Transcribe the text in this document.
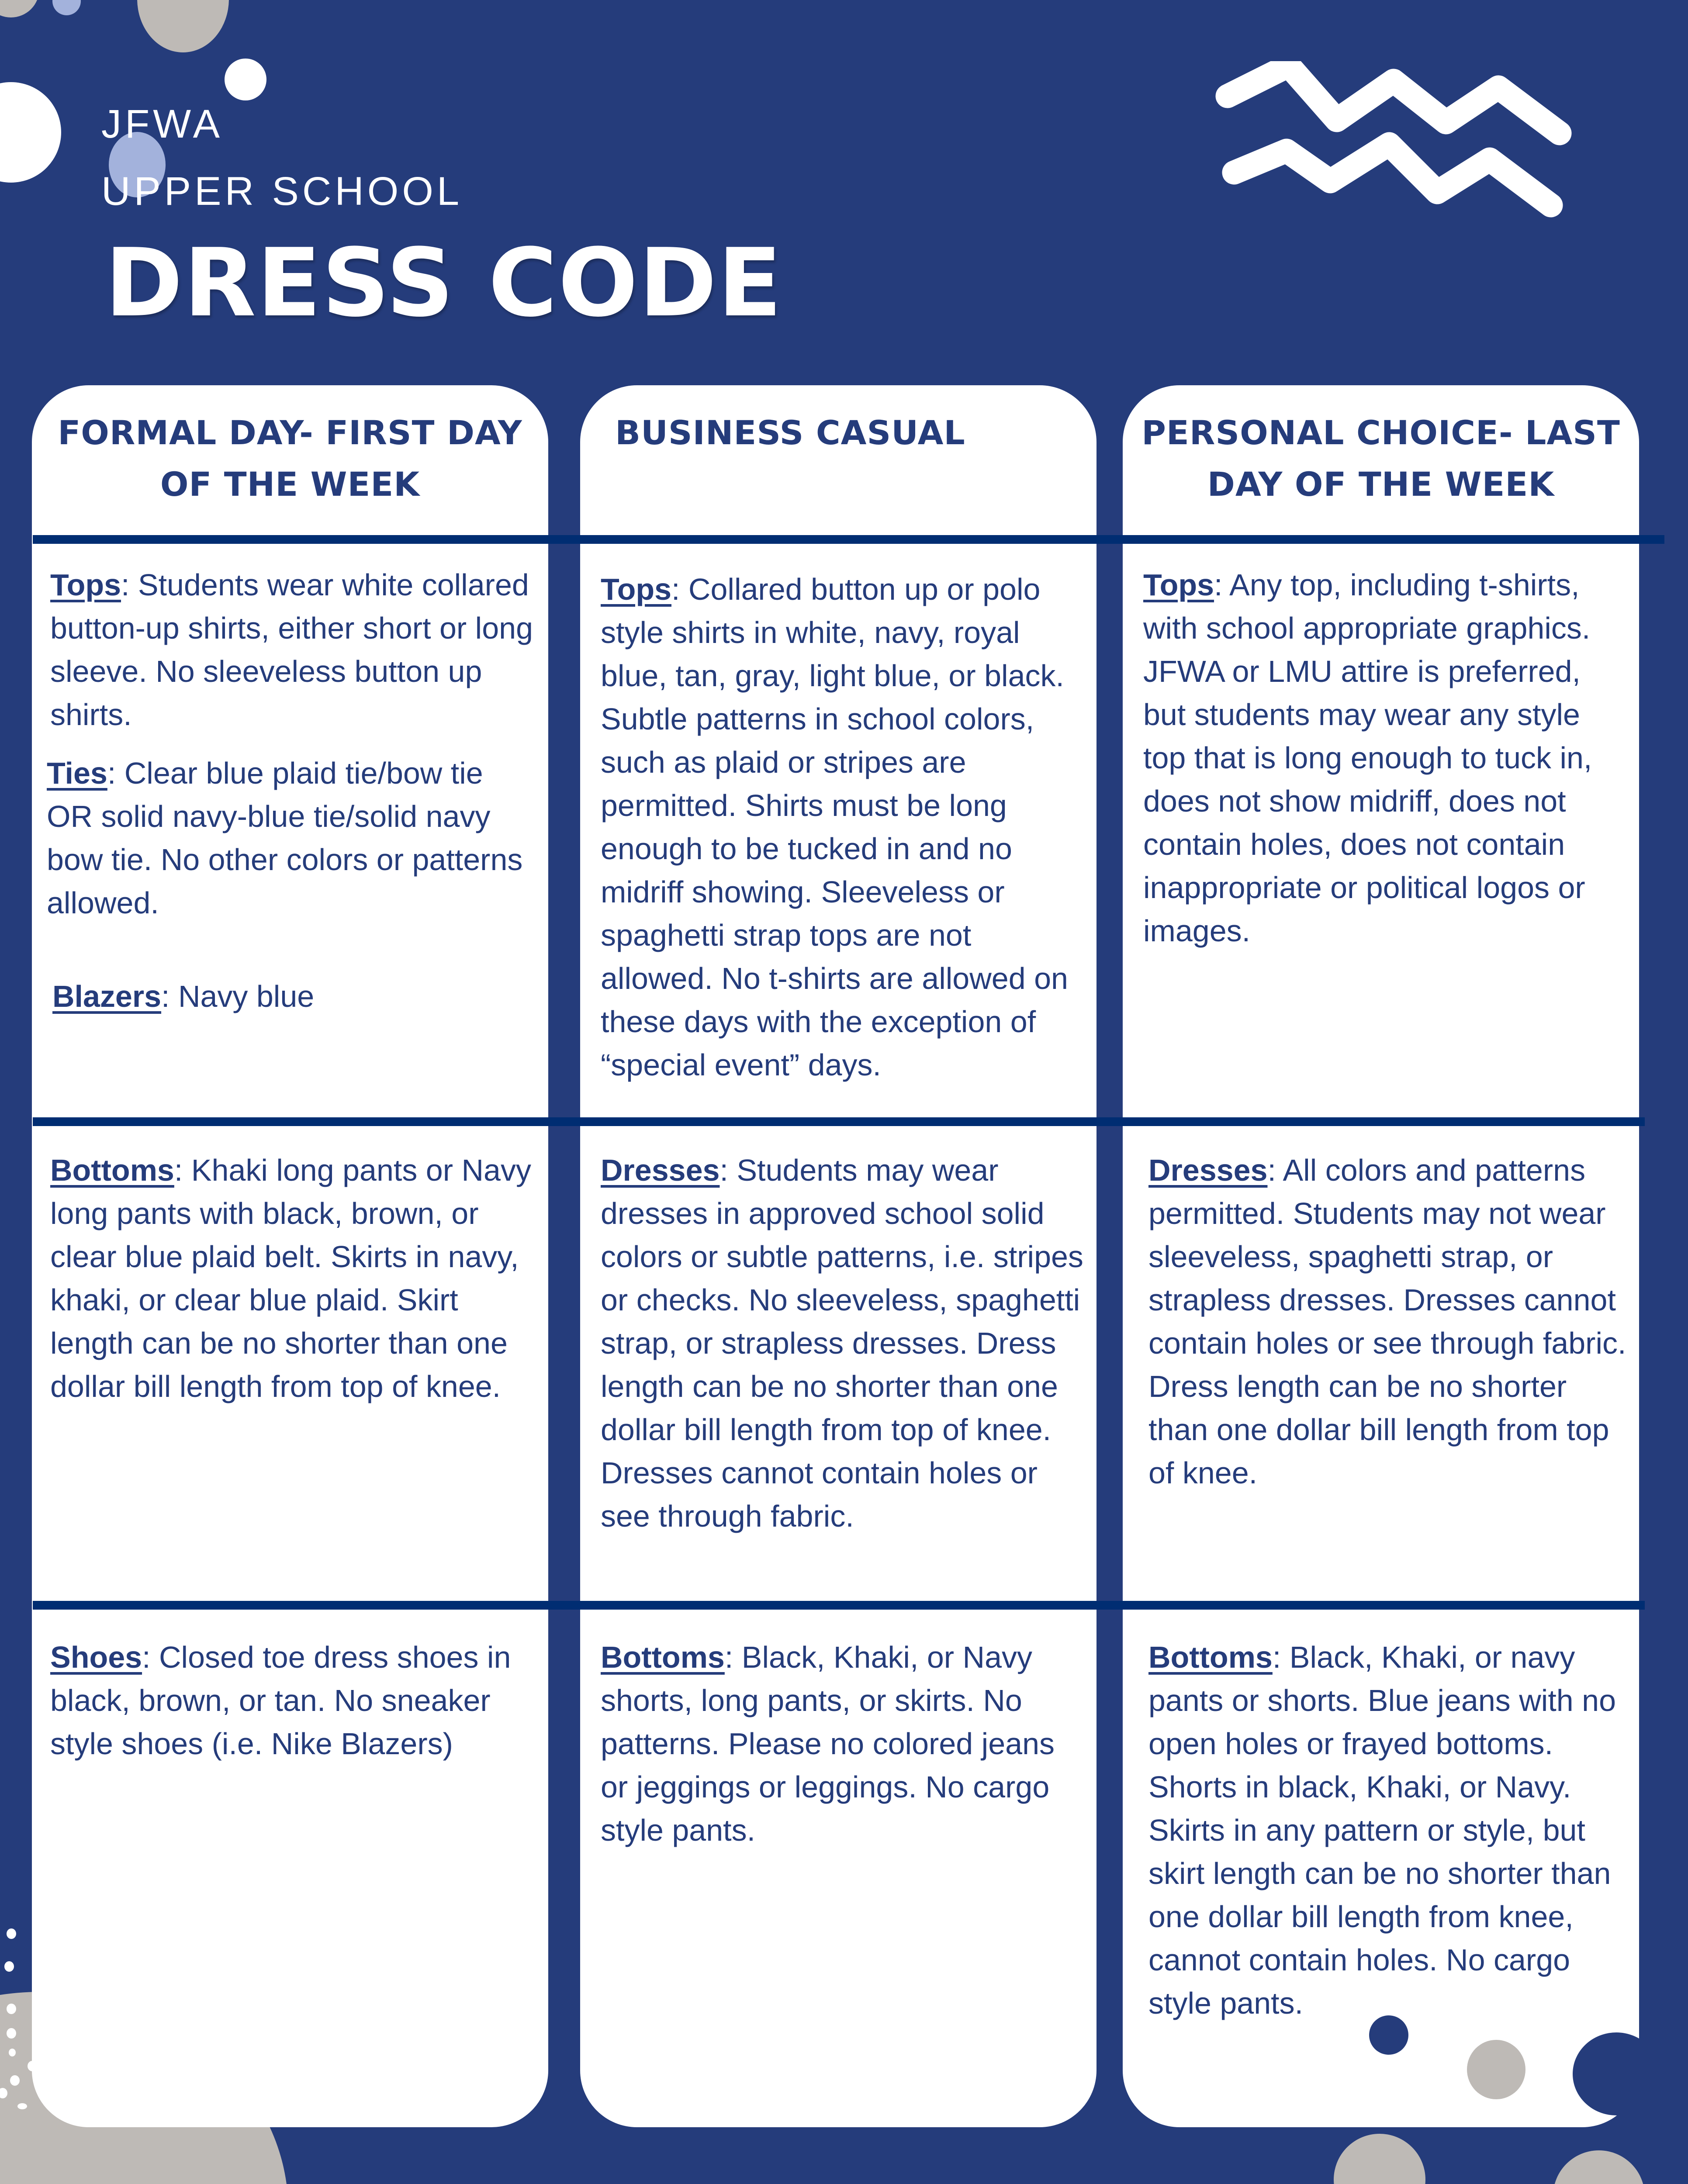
JFWA
UPPER SCHOOL
DRESS CODE
FORMAL DAY- FIRST DAY OF THE WEEK
BUSINESS CASUAL	PERSONAL CHOICE- LAST DAY OF THE WEEK

Tops: Students wear white collared button-up shirts, either short or long sleeve. No sleeveless button up shirts.

Ties: Clear blue plaid tie/bow tie OR solid navy-blue tie/solid navy bow tie. No other colors or patterns allowed.

Blazers: Navy blue

Bottoms: Khaki long pants or Navy long pants with black, brown, or clear blue plaid belt. Skirts in navy, khaki, or clear blue plaid. Skirt length can be no shorter than one dollar bill length from top of knee.

Shoes: Closed toe dress shoes in black, brown, or tan. No sneaker style shoes (i.e. Nike Blazers)

Tops: Collared button up or polo style shirts in white, navy, royal blue, tan, gray, light blue, or black. Subtle patterns in school colors, such as plaid or stripes are permitted. Shirts must be long enough to be tucked in and no midriff showing. Sleeveless or spaghetti strap tops are not allowed. No t-shirts are allowed on these days with the exception of “special event” days.

Dresses: Students may wear dresses in approved school solid colors or subtle patterns, i.e. stripes or checks. No sleeveless, spaghetti strap, or strapless dresses. Dress length can be no shorter than one dollar bill length from top of knee. Dresses cannot contain holes or see through fabric.

Bottoms: Black, Khaki, or Navy shorts, long pants, or skirts. No patterns. Please no colored jeans or jeggings or leggings. No cargo style pants.

Tops: Any top, including t-shirts, with school appropriate graphics. JFWA or LMU attire is preferred, but students may wear any style top that is long enough to tuck in, does not show midriff, does not contain holes, does not contain inappropriate or political logos or images.

Dresses: All colors and patterns permitted. Students may not wear sleeveless, spaghetti strap, or strapless dresses. Dresses cannot contain holes or see through fabric. Dress length can be no shorter than one dollar bill length from top of knee.

Bottoms: Black, Khaki, or navy pants or shorts. Blue jeans with no open holes or frayed bottoms. Shorts in black, Khaki, or Navy. Skirts in any pattern or style, but skirt length can be no shorter than one dollar bill length from knee, cannot contain holes. No cargo style pants.
